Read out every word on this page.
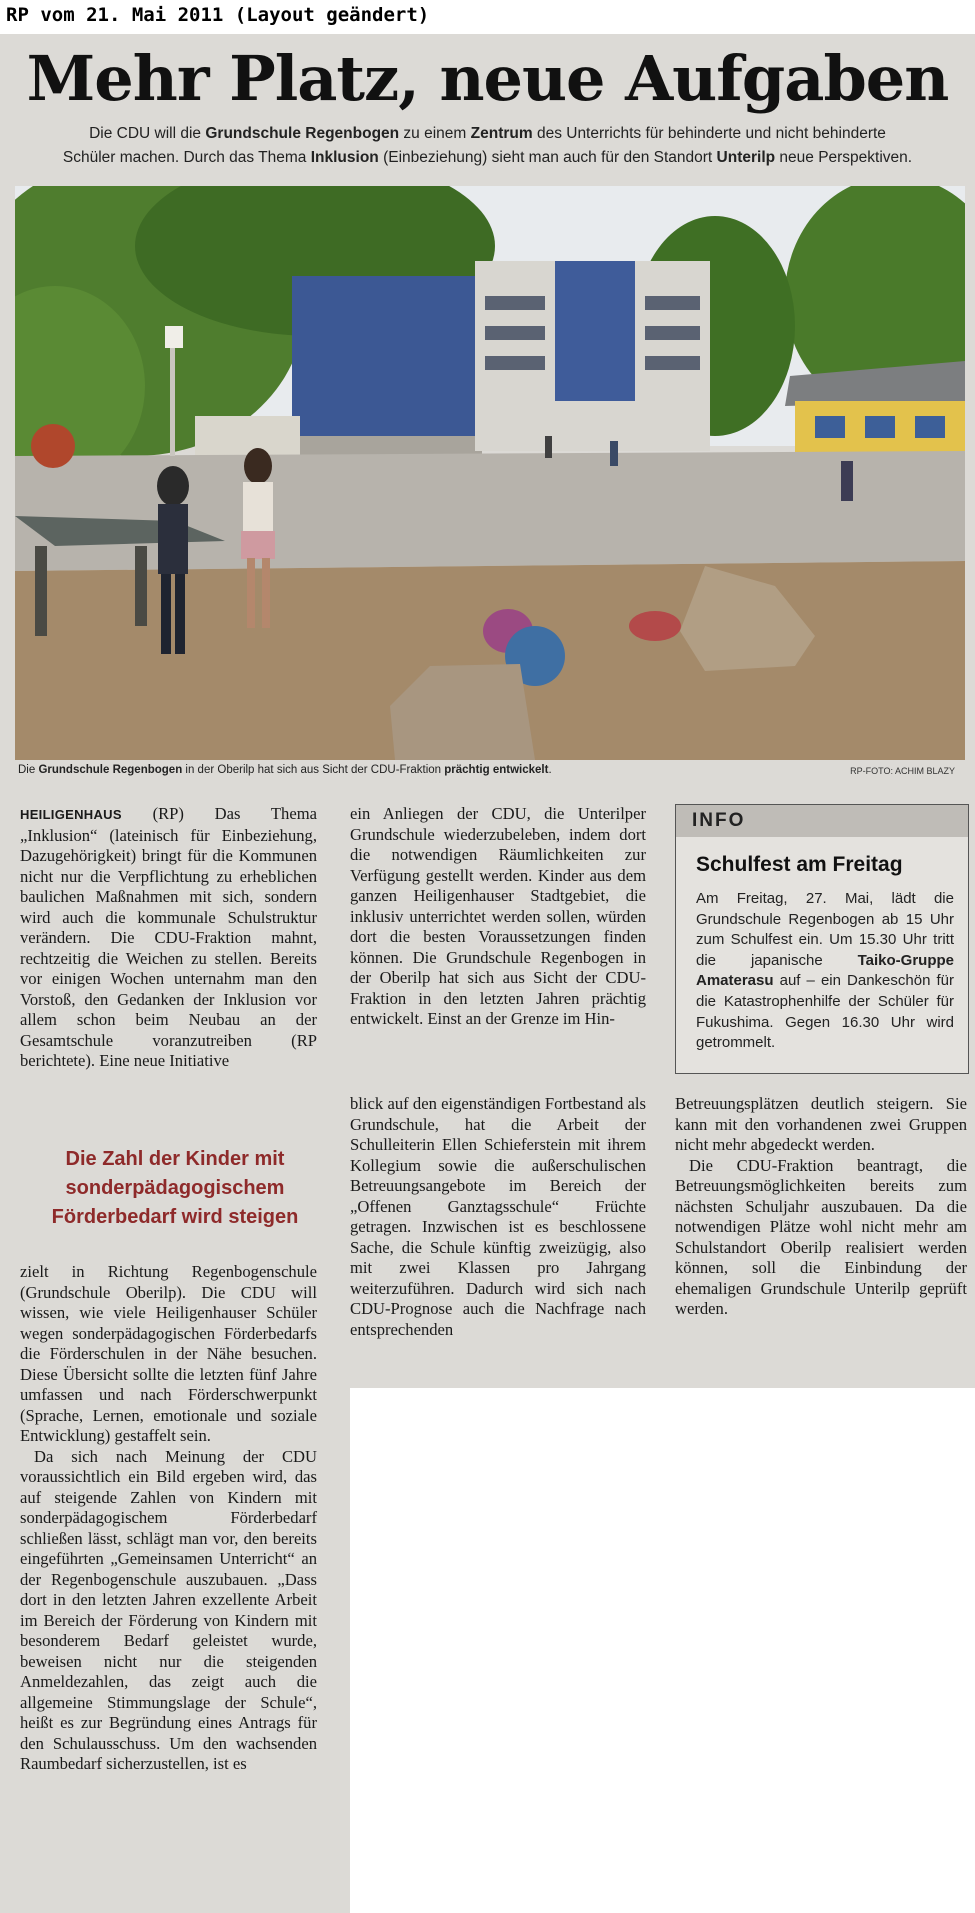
RP vom 21. Mai 2011 (Layout geändert)
Mehr Platz, neue Aufgaben
Die CDU will die Grundschule Regenbogen zu einem Zentrum des Unterrichts für behinderte und nicht behinderte
Schüler machen. Durch das Thema Inklusion (Einbeziehung) sieht man auch für den Standort Unterilp neue Perspektiven.
Die Grundschule Regenbogen in der Oberilp hat sich aus Sicht der CDU-Fraktion prächtig entwickelt.	RP-FOTO: ACHIM BLAZY

HEILIGENHAUS (RP) Das Thema „Inklusion“ (lateinisch für Einbeziehung, Dazugehörigkeit) bringt für die Kommunen nicht nur die Verpflichtung zu erheblichen baulichen Maßnahmen mit sich, sondern wird auch die kommunale Schulstruktur verändern. Die CDU-Fraktion mahnt, rechtzeitig die Weichen zu stellen. Bereits vor einigen Wochen unternahm man den Vorstoß, den Gedanken der Inklusion vor allem schon beim Neubau an der Gesamtschule voranzutreiben (RP berichtete). Eine neue Initiative

Die Zahl der Kinder mit sonderpädagogischem Förderbedarf wird steigen

zielt in Richtung Regenbogenschule (Grundschule Oberilp). Die CDU will wissen, wie viele Heiligenhauser Schüler wegen sonderpädagogischen Förderbedarfs die Förderschulen in der Nähe besuchen. Diese Übersicht sollte die letzten fünf Jahre umfassen und nach Förderschwerpunkt (Sprache, Lernen, emotionale und soziale Entwicklung) gestaffelt sein.

Da sich nach Meinung der CDU voraussichtlich ein Bild ergeben wird, das auf steigende Zahlen von Kindern mit sonderpädagogischem Förderbedarf schließen lässt, schlägt man vor, den bereits eingeführten „Gemeinsamen Unterricht“ an der Regenbogenschule auszubauen. „Dass dort in den letzten Jahren exzellente Arbeit im Bereich der Förderung von Kindern mit besonderem Bedarf geleistet wurde, beweisen nicht nur die steigenden Anmeldezahlen, das zeigt auch die allgemeine Stimmungslage der Schule“, heißt es zur Begründung eines Antrags für den Schulausschuss. Um den wachsenden Raumbedarf sicherzustellen, ist es

ein Anliegen der CDU, die Unterilper Grundschule wiederzubeleben, indem dort die notwendigen Räumlichkeiten zur Verfügung gestellt werden. Kinder aus dem ganzen Heiligenhauser Stadtgebiet, die inklusiv unterrichtet werden sollen, würden dort die besten Voraussetzungen finden können. Die Grundschule Regenbogen in der Oberilp hat sich aus Sicht der CDU-Fraktion in den letzten Jahren prächtig entwickelt. Einst an der Grenze im Hin-

blick auf den eigenständigen Fortbestand als Grundschule, hat die Arbeit der Schulleiterin Ellen Schieferstein mit ihrem Kollegium sowie die außerschulischen Betreuungsangebote im Bereich der „Offenen Ganztagsschule“ Früchte getragen. Inzwischen ist es beschlossene Sache, die Schule künftig zweizügig, also mit zwei Klassen pro Jahrgang weiterzuführen. Dadurch wird sich nach CDU-Prognose auch die Nachfrage nach entsprechenden

INFO
Schulfest am Freitag
Am Freitag, 27. Mai, lädt die Grundschule Regenbogen ab 15 Uhr zum Schulfest ein. Um 15.30 Uhr tritt die japanische Taiko-Gruppe Amaterasu auf – ein Dankeschön für die Katastrophenhilfe der Schüler für Fukushima. Gegen 16.30 Uhr wird getrommelt.

Betreuungsplätzen deutlich steigern. Sie kann mit den vorhandenen zwei Gruppen nicht mehr abgedeckt werden.

Die CDU-Fraktion beantragt, die Betreuungsmöglichkeiten bereits zum nächsten Schuljahr auszubauen. Da die notwendigen Plätze wohl nicht mehr am Schulstandort Oberilp realisiert werden können, soll die Einbindung der ehemaligen Grundschule Unterilp geprüft werden.
